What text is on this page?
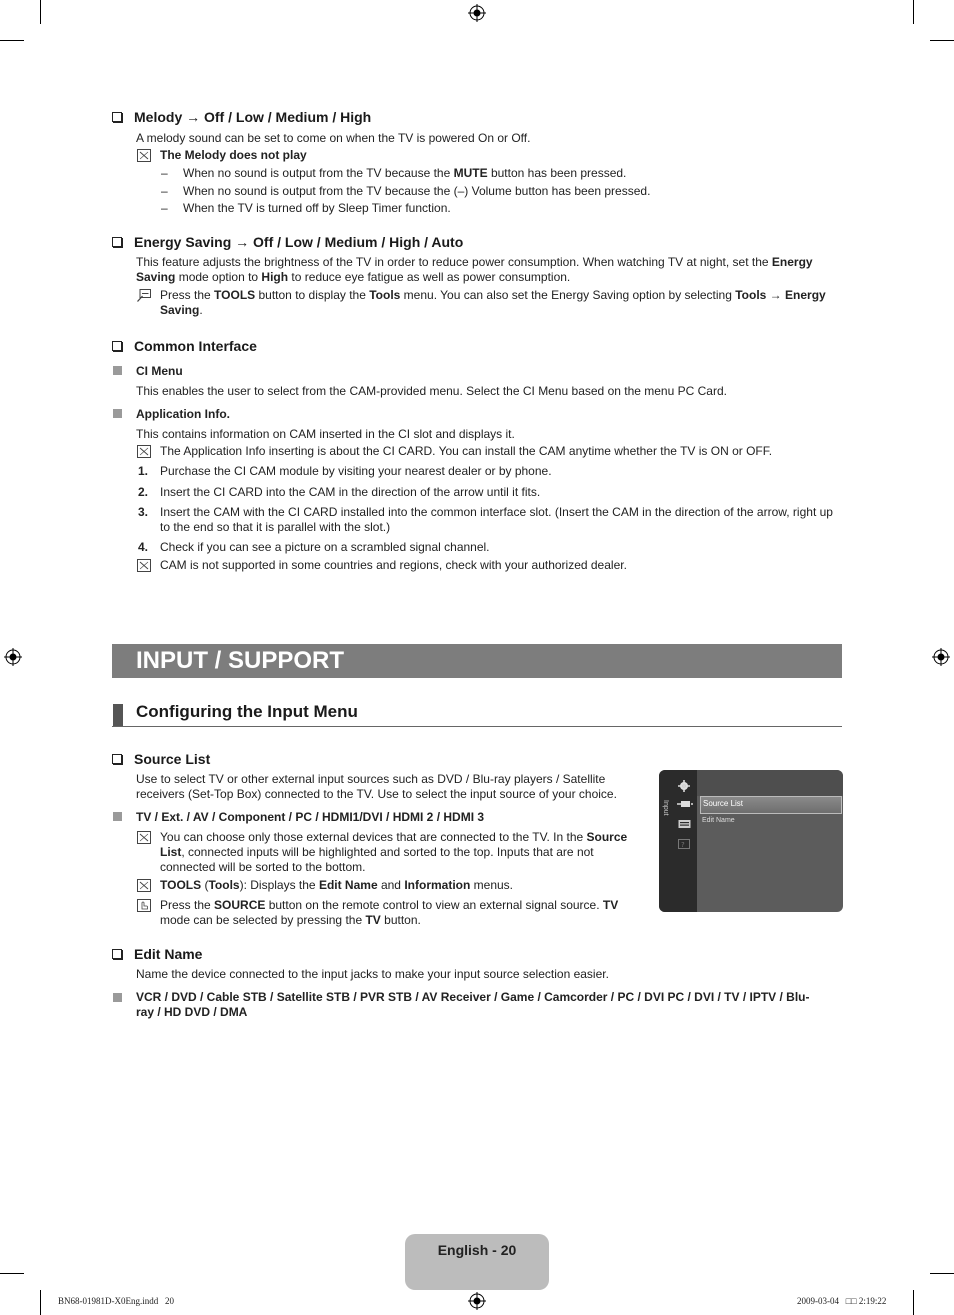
Melody → Off / Low / Medium / High
A melody sound can be set to come on when the TV is powered On or Off.
The Melody does not play
– When no sound is output from the TV because the MUTE button has been pressed.
– When no sound is output from the TV because the (–) Volume button has been pressed.
– When the TV is turned off by Sleep Timer function.
Energy Saving → Off / Low / Medium / High / Auto
This feature adjusts the brightness of the TV in order to reduce power consumption. When watching TV at night, set the Energy Saving mode option to High to reduce eye fatigue as well as power consumption.
Press the TOOLS button to display the Tools menu. You can also set the Energy Saving option by selecting Tools → Energy Saving.
Common Interface
CI Menu
This enables the user to select from the CAM-provided menu. Select the CI Menu based on the menu PC Card.
Application Info.
This contains information on CAM inserted in the CI slot and displays it.
The Application Info inserting is about the CI CARD. You can install the CAM anytime whether the TV is ON or OFF.
1. Purchase the CI CAM module by visiting your nearest dealer or by phone.
2. Insert the CI CARD into the CAM in the direction of the arrow until it fits.
3. Insert the CAM with the CI CARD installed into the common interface slot. (Insert the CAM in the direction of the arrow, right up to the end so that it is parallel with the slot.)
4. Check if you can see a picture on a scrambled signal channel.
CAM is not supported in some countries and regions, check with your authorized dealer.
INPUT / SUPPORT
Configuring the Input Menu
Source List
Use to select TV or other external input sources such as DVD / Blu-ray players / Satellite receivers (Set-Top Box) connected to the TV. Use to select the input source of your choice.
TV / Ext. / AV / Component / PC / HDMI1/DVI / HDMI 2 / HDMI 3
You can choose only those external devices that are connected to the TV. In the Source List, connected inputs will be highlighted and sorted to the top. Inputs that are not connected will be sorted to the bottom.
TOOLS (Tools): Displays the Edit Name and Information menus.
Press the SOURCE button on the remote control to view an external signal source. TV mode can be selected by pressing the TV button.
Input
?
Source List
Edit Name
Edit Name
Name the device connected to the input jacks to make your input source selection easier.
VCR / DVD / Cable STB / Satellite STB / PVR STB / AV Receiver / Game / Camcorder / PC / DVI PC / DVI / TV / IPTV / Blu- ray / HD DVD / DMA
English - 20
BN68-01981D-X0Eng.indd   20	2009-03-04   □□ 2:19:22
